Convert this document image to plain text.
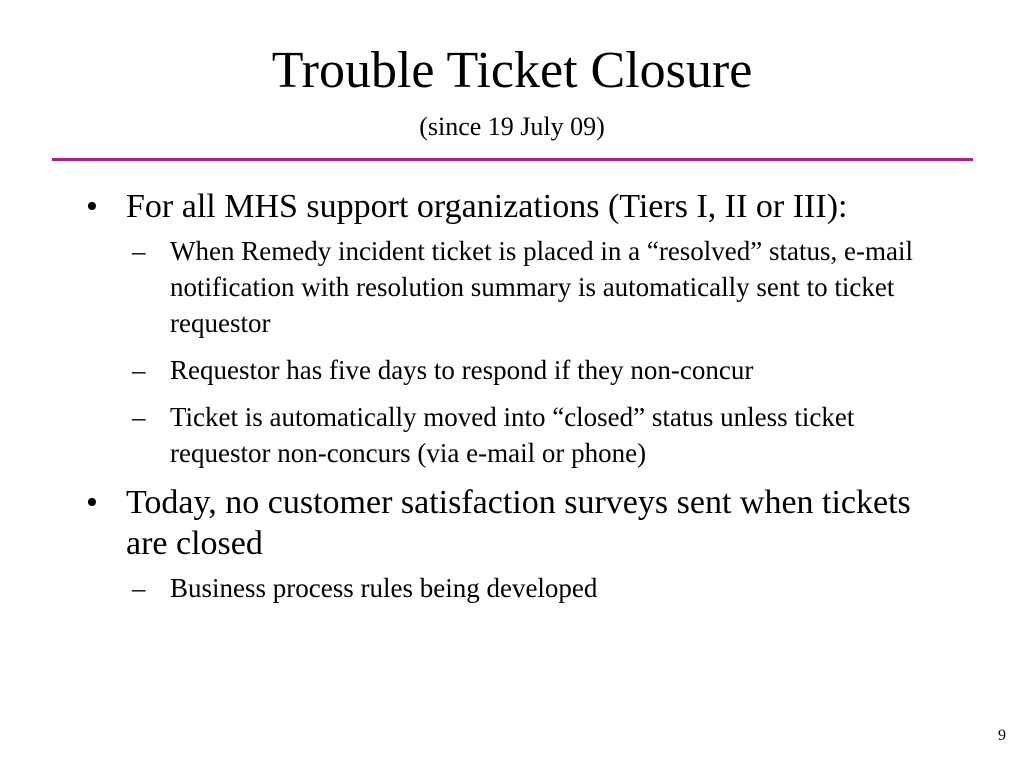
Trouble Ticket Closure
(since 19 July 09)
• For all MHS support organizations (Tiers I, II or III):
– When Remedy incident ticket is placed in a “resolved” status, e-mail notification with resolution summary is automatically sent to ticket requestor
– Requestor has five days to respond if they non-concur
– Ticket is automatically moved into “closed” status unless ticket requestor non-concurs (via e-mail or phone)
• Today, no customer satisfaction surveys sent when tickets are closed
– Business process rules being developed
9
